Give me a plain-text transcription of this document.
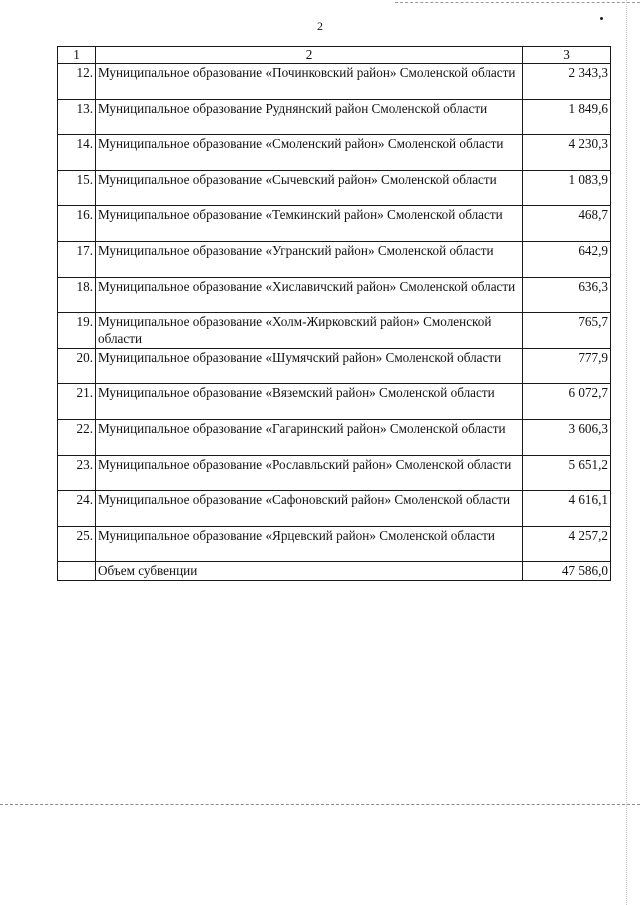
2
1	2	3
12.	Муниципальное образование «Починковский район» Смоленской области	2 343,3
13.	Муниципальное образование Руднянский район Смоленской области	1 849,6
14.	Муниципальное образование «Смоленский район» Смоленской области	4 230,3
15.	Муниципальное образование «Сычевский район» Смоленской области	1 083,9
16.	Муниципальное образование «Темкинский район» Смоленской области	468,7
17.	Муниципальное образование «Угранский район» Смоленской области	642,9
18.	Муниципальное образование «Хиславичский район» Смоленской области	636,3
19.	Муниципальное образование «Холм-Жирковский район» Смоленской области	765,7
20.	Муниципальное образование «Шумячский район» Смоленской области	777,9
21.	Муниципальное образование «Вяземский район» Смоленской области	6 072,7
22.	Муниципальное образование «Гагаринский район» Смоленской области	3 606,3
23.	Муниципальное образование «Рославльский район» Смоленской области	5 651,2
24.	Муниципальное образование «Сафоновский район» Смоленской области	4 616,1
25.	Муниципальное образование «Ярцевский район» Смоленской области	4 257,2
	Объем субвенции	47 586,0
